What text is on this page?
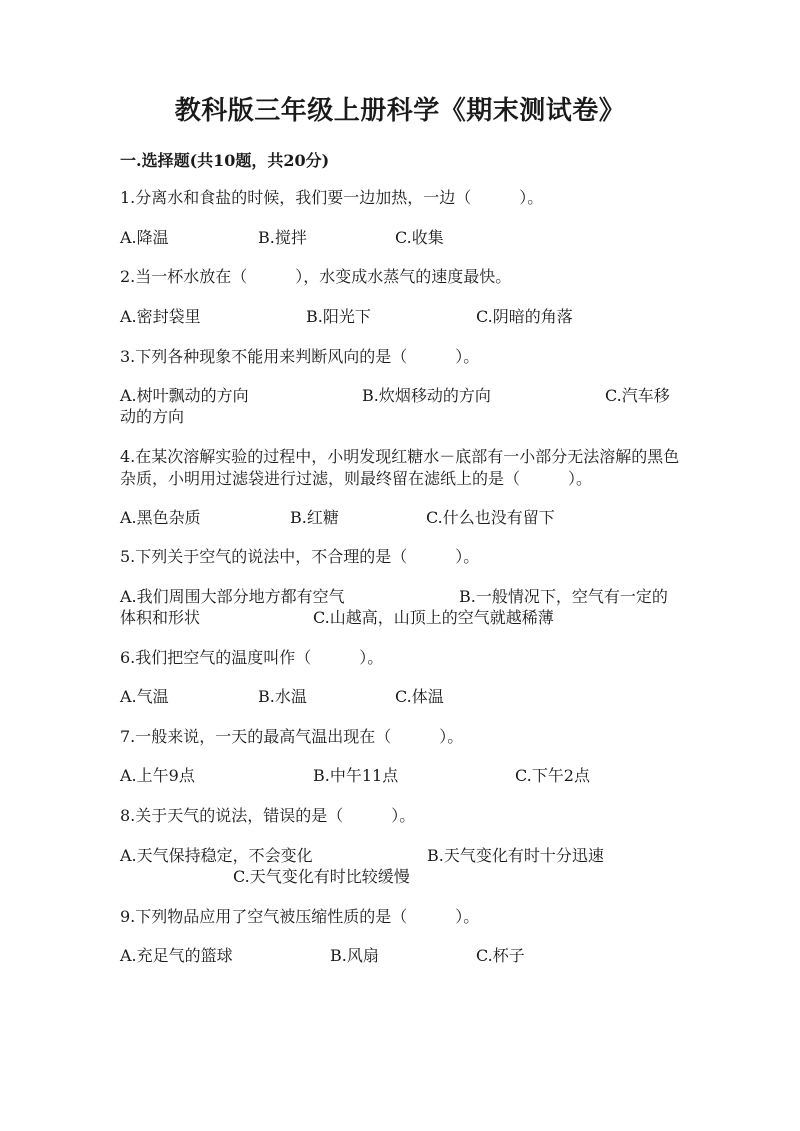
教科版三年级上册科学《期末测试卷》
一.选择题(共10题，共20分)
1.分离水和食盐的时候，我们要一边加热，一边（　　　）。
A.降温	B.搅拌	C.收集
2.当一杯水放在（　　　），水变成水蒸气的速度最快。
A.密封袋里	B.阳光下	C.阴暗的角落
3.下列各种现象不能用来判断风向的是（　　　）。
A.树叶飘动的方向	B.炊烟移动的方向	C.汽车移
动的方向
4.在某次溶解实验的过程中，小明发现红糖水－底部有一小部分无法溶解的黑色杂质，小明用过滤袋进行过滤，则最终留在滤纸上的是（　　　）。
A.黑色杂质	B.红糖	C.什么也没有留下
5.下列关于空气的说法中，不合理的是（　　　）。
A.我们周围大部分地方都有空气	B.一般情况下，空气有一定的
体积和形状	C.山越高，山顶上的空气就越稀薄
6.我们把空气的温度叫作（　　　）。
A.气温	B.水温	C.体温
7.一般来说，一天的最高气温出现在（　　　）。
A.上午9点	B.中午11点	C.下午2点
8.关于天气的说法，错误的是（　　　）。
A.天气保持稳定，不会变化	B.天气变化有时十分迅速
C.天气变化有时比较缓慢
9.下列物品应用了空气被压缩性质的是（　　　）。
A.充足气的篮球	B.风扇	C.杯子
